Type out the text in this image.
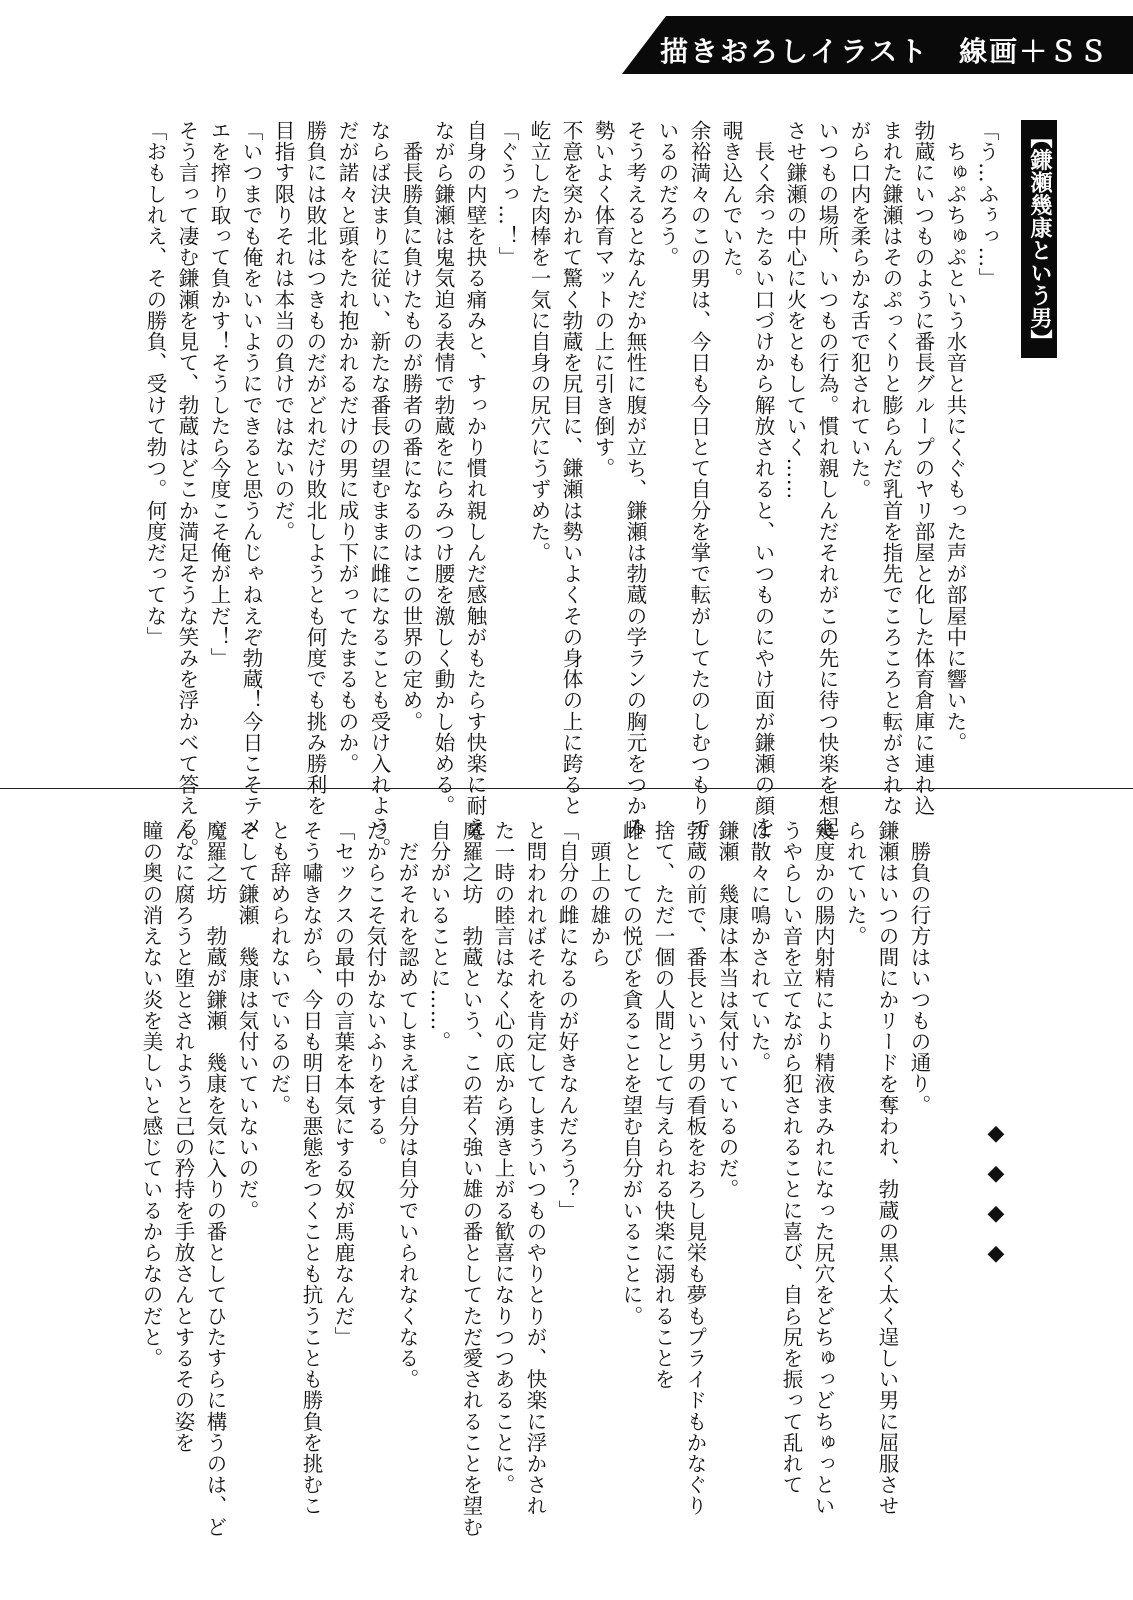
描きおろしイラスト　線画＋ＳＳ
【鎌瀬幾康という男】

「う…ふぅっ…」

　ちゅぷちゅぷという水音と共にくぐもった声が部屋中に響いた。

勃蔵にいつものように番長グループのヤリ部屋と化した体育倉庫に連れ込

まれた鎌瀬はそのぷっくりと膨らんだ乳首を指先でころころと転がされな

がら口内を柔らかな舌で犯されていた。

いつもの場所、いつもの行為。慣れ親しんだそれがこの先に待つ快楽を想起

させ鎌瀬の中心に火をともしていく……

　長く余ったるい口づけから解放されると、いつものにやけ面が鎌瀬の顔を

覗き込んでいた。

余裕満々のこの男は、今日も今日とて自分を掌で転がしてたのしむつもりで

いるのだろう。

そう考えるとなんだか無性に腹が立ち、鎌瀬は勃蔵の学ランの胸元をつかみ

勢いよく体育マットの上に引き倒す。

不意を突かれて驚く勃蔵を尻目に、鎌瀬は勢いよくその身体の上に跨ると

屹立した肉棒を一気に自身の尻穴にうずめた。

「ぐうっ…！」

自身の内壁を抉る痛みと、すっかり慣れ親しんだ感触がもたらす快楽に耐え

ながら鎌瀬は鬼気迫る表情で勃蔵をにらみつけ腰を激しく動かし始める。

　番長勝負に負けたものが勝者の番になるのはこの世界の定め。

ならば決まりに従い、新たな番長の望むままに雌になることも受け入れよう。

だが諾々と頭をたれ抱かれるだけの男に成り下がってたまるものか。

勝負には敗北はつきものだがどれだけ敗北しようとも何度でも挑み勝利を

目指す限りそれは本当の負けではないのだ。

「いつまでも俺をいいようにできると思うんじゃねえぞ勃蔵！今日こそテメ

エを搾り取って負かす！そうしたら今度こそ俺が上だ！」

そう言って凄む鎌瀬を見て、勃蔵はどこか満足そうな笑みを浮かべて答える。

「おもしれえ、その勝負、受けて勃つ。何度だってな」

　勝負の行方はいつもの通り。

鎌瀬はいつの間にかリードを奪われ、勃蔵の黒く太く逞しい男に屈服させ

られていた。

幾度かの腸内射精により精液まみれになった尻穴をどちゅっどちゅっとい

うやらしい音を立てながら犯されることに喜び、自ら尻を振って乱れて

は散々に鳴かされていた。

鎌瀬　幾康は本当は気付いているのだ。

勃蔵の前で、番長という男の看板をおろし見栄も夢もプライドもかなぐり

捨て、ただ一個の人間として与えられる快楽に溺れることを

雌としての悦びを貪ることを望む自分がいることに。

　頭上の雄から

「自分の雌になるのが好きなんだろう？」

と問われればそれを肯定してしまういつものやりとりが、快楽に浮かされ

た一時の睦言はなく心の底から湧き上がる歓喜になりつつあることに。

魔羅之坊　勃蔵という、この若く強い雄の番としてただ愛されることを望む

自分がいることに……。

　だがそれを認めてしまえば自分は自分でいられなくなる。

だからこそ気付かないふりをする。

「セックスの最中の言葉を本気にする奴が馬鹿なんだ」

そう嘯きながら、今日も明日も悪態をつくことも抗うことも勝負を挑むこ

とも辞められないでいるのだ。

そして鎌瀬　幾康は気付いていないのだ。

魔羅之坊　勃蔵が鎌瀬　幾康を気に入りの番としてひたすらに構うのは、ど

んなに腐ろうと堕とされようと己の矜持を手放さんとするその姿を

瞳の奥の消えない炎を美しいと感じているからなのだと。	◆
◆
◆
◆
